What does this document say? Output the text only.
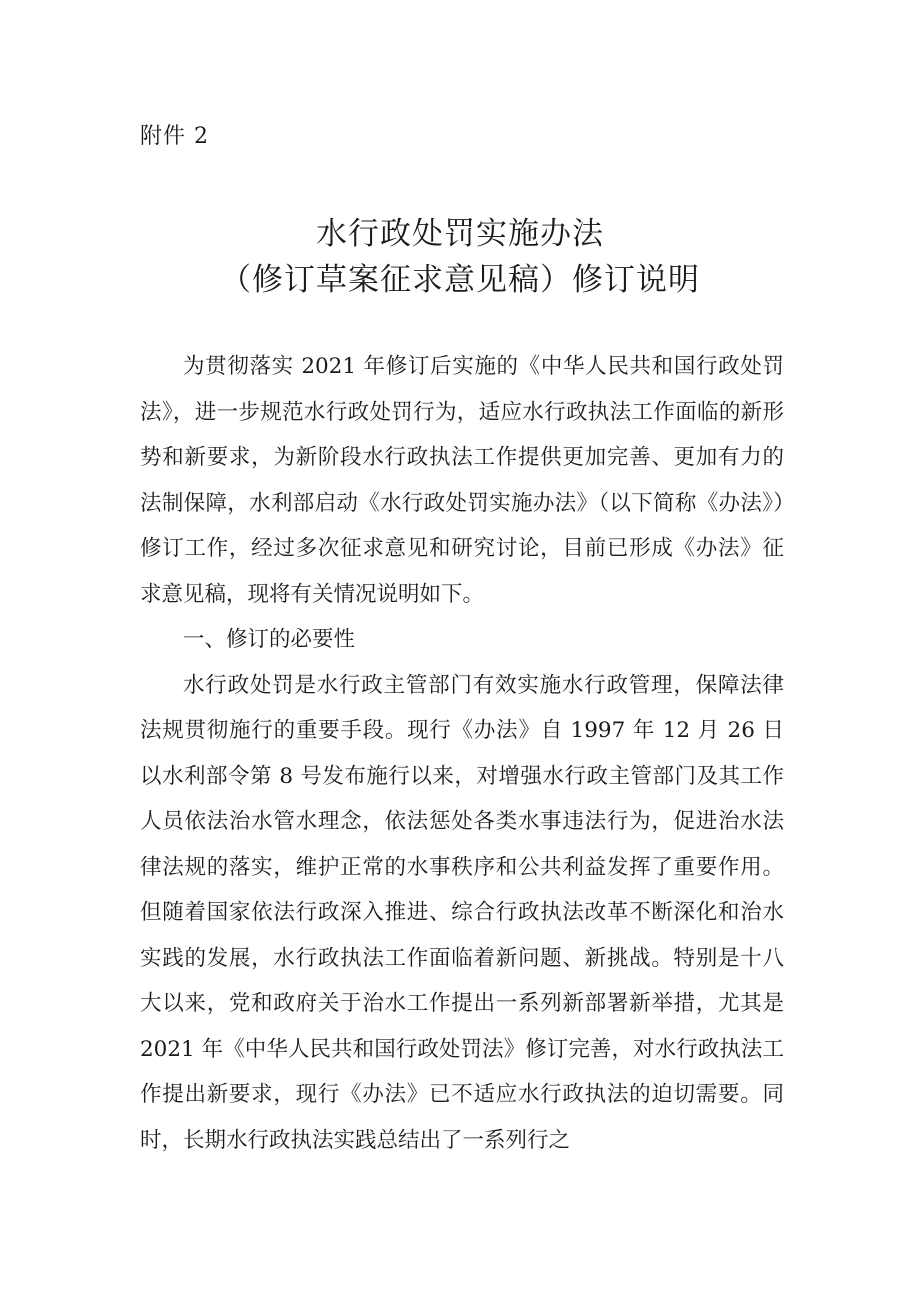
附件 2
水行政处罚实施办法
（修订草案征求意见稿）修订说明

为贯彻落实 2021 年修订后实施的《中华人民共和国行政处罚法》，进一步规范水行政处罚行为，适应水行政执法工作面临的新形势和新要求，为新阶段水行政执法工作提供更加完善、更加有力的法制保障，水利部启动《水行政处罚实施办法》（以下简称《办法》）修订工作，经过多次征求意见和研究讨论，目前已形成《办法》征求意见稿，现将有关情况说明如下。

一、修订的必要性

水行政处罚是水行政主管部门有效实施水行政管理，保障法律法规贯彻施行的重要手段。现行《办法》自 1997 年 12 月 26 日以水利部令第 8 号发布施行以来，对增强水行政主管部门及其工作人员依法治水管水理念，依法惩处各类水事违法行为，促进治水法律法规的落实，维护正常的水事秩序和公共利益发挥了重要作用。但随着国家依法行政深入推进、综合行政执法改革不断深化和治水实践的发展，水行政执法工作面临着新问题、新挑战。特别是十八大以来，党和政府关于治水工作提出一系列新部署新举措，尤其是 2021 年《中华人民共和国行政处罚法》修订完善，对水行政执法工作提出新要求，现行《办法》已不适应水行政执法的迫切需要。同时，长期水行政执法实践总结出了一系列行之
